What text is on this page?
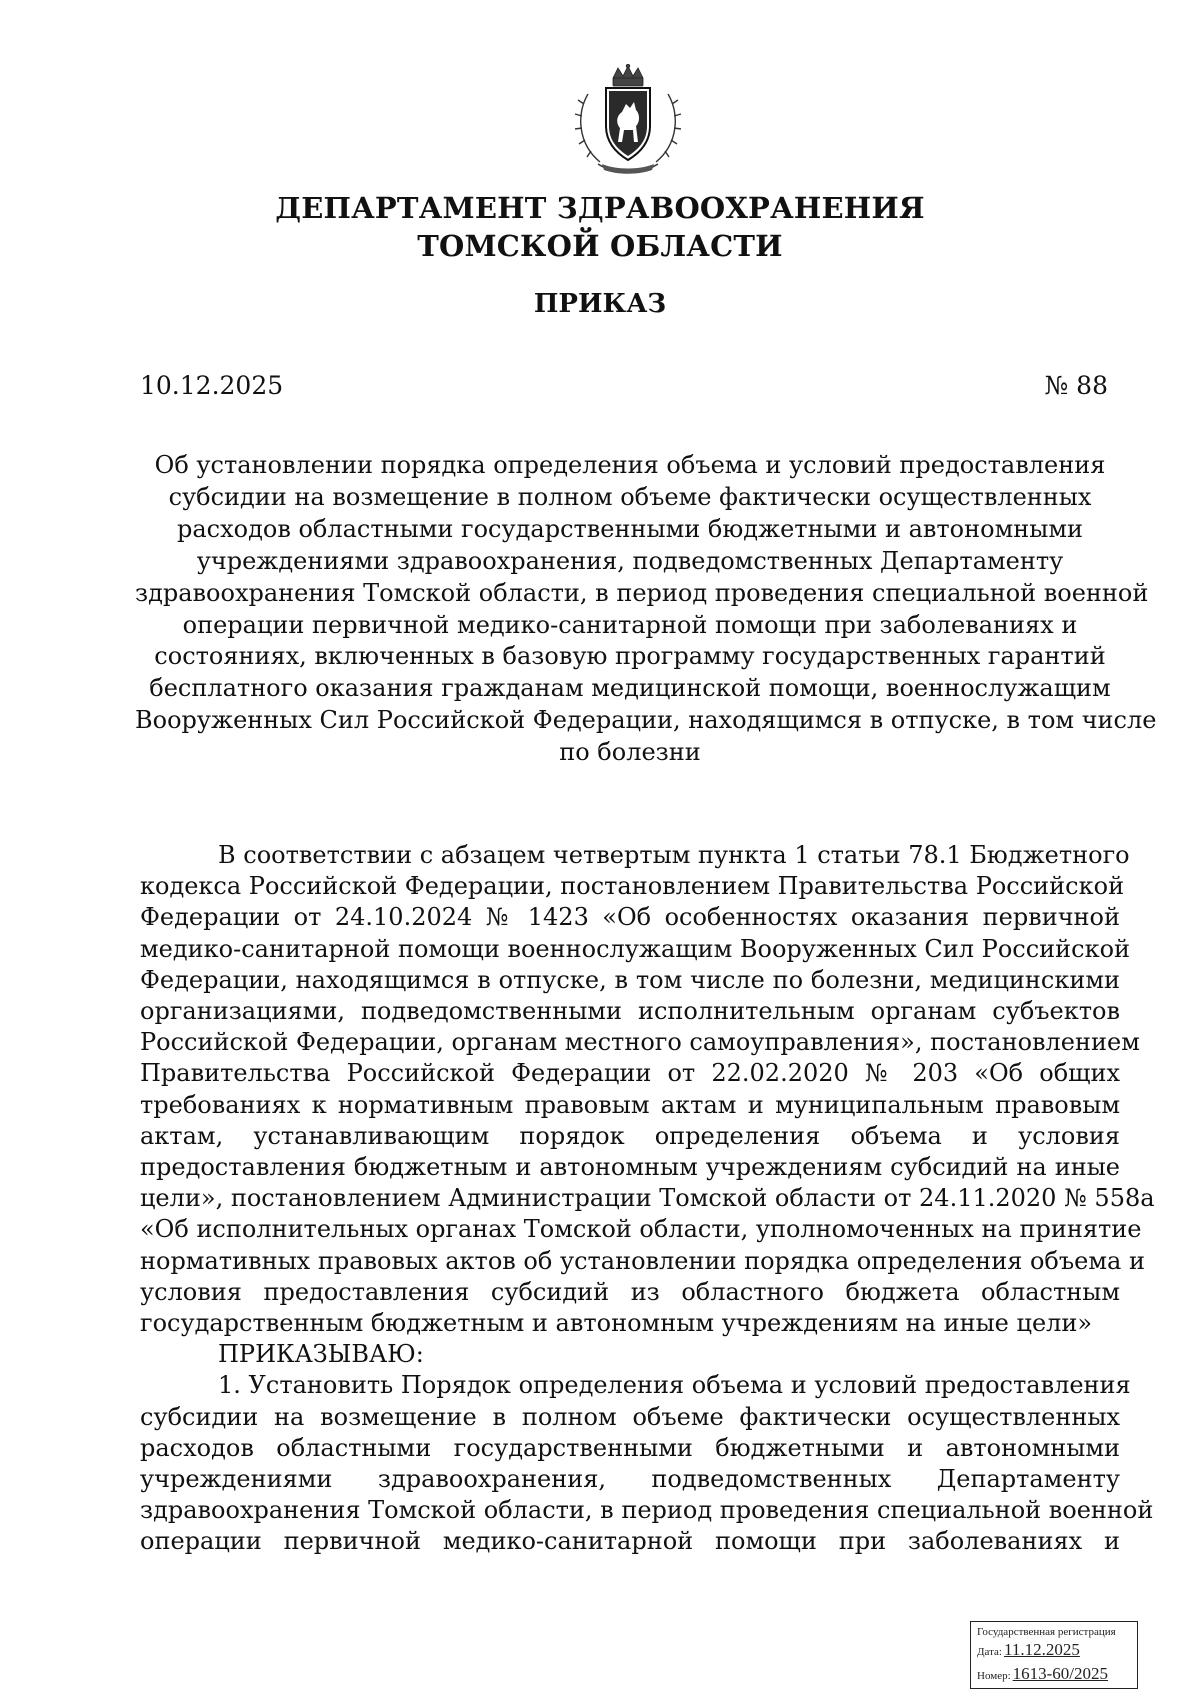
ДЕПАРТАМЕНТ ЗДРАВООХРАНЕНИЯ
ТОМСКОЙ ОБЛАСТИ
ПРИКАЗ
10.12.2025	№ 88
Об установлении порядка определения объема и условий предоставления
субсидии на возмещение в полном объеме фактически осуществленных
расходов областными государственными бюджетными и автономными
учреждениями здравоохранения, подведомственных Департаменту
здравоохранения Томской области, в период проведения специальной военной
операции первичной медико-санитарной помощи при заболеваниях и
состояниях, включенных в базовую программу государственных гарантий
бесплатного оказания гражданам медицинской помощи, военнослужащим
Вооруженных Сил Российской Федерации, находящимся в отпуске, в том числе
по болезни
В соответствии с абзацем четвертым пункта 1 статьи 78.1 Бюджетного
кодекса Российской Федерации, постановлением Правительства Российской
Федерации от 24.10.2024 № 1423 «Об особенностях оказания первичной
медико-санитарной помощи военнослужащим Вооруженных Сил Российской
Федерации, находящимся в отпуске, в том числе по болезни, медицинскими
организациями, подведомственными исполнительным органам субъектов
Российской Федерации, органам местного самоуправления», постановлением
Правительства Российской Федерации от 22.02.2020 № 203 «Об общих
требованиях к нормативным правовым актам и муниципальным правовым
актам, устанавливающим порядок определения объема и условия
предоставления бюджетным и автономным учреждениям субсидий на иные
цели», постановлением Администрации Томской области от 24.11.2020 № 558а
«Об исполнительных органах Томской области, уполномоченных на принятие
нормативных правовых актов об установлении порядка определения объема и
условия предоставления субсидий из областного бюджета областным
государственным бюджетным и автономным учреждениям на иные цели»
ПРИКАЗЫВАЮ:
1. Установить Порядок определения объема и условий предоставления
субсидии на возмещение в полном объеме фактически осуществленных
расходов областными государственными бюджетными и автономными
учреждениями здравоохранения, подведомственных Департаменту
здравоохранения Томской области, в период проведения специальной военной
операции первичной медико-санитарной помощи при заболеваниях и
Государственная регистрация
Дата: 11.12.2025
Номер: 1613-60/2025
